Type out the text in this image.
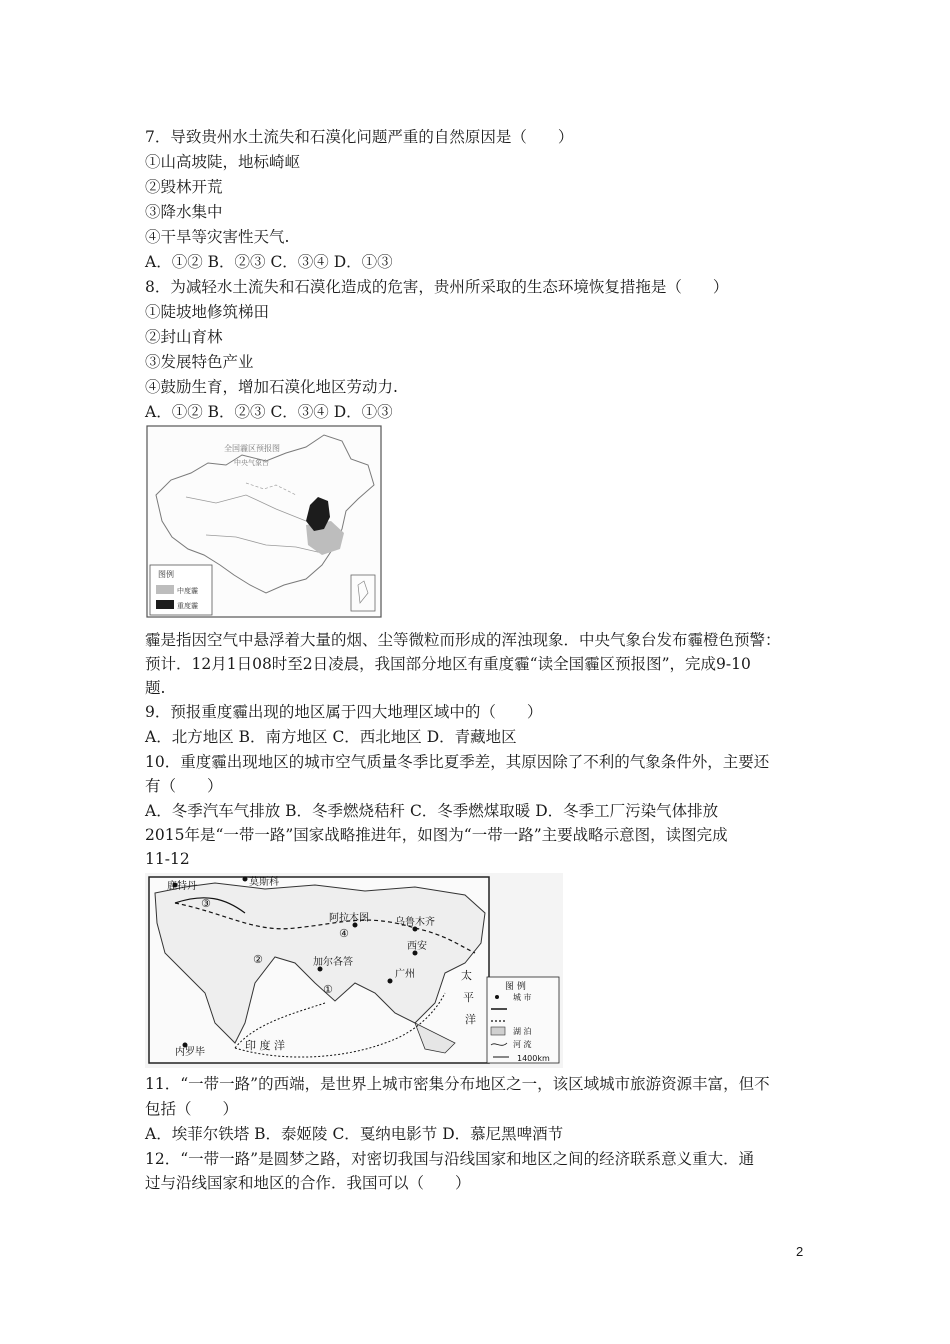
7．导致贵州水土流失和石漠化问题严重的自然原因是（　　）
①山高坡陡，地标崎岖
②毁林开荒
③降水集中
④干旱等灾害性天气.
A．①② B．②③ C．③④ D．①③
8．为减轻水土流失和石漠化造成的危害，贵州所采取的生态环境恢复措拖是（　　）
①陡坡地修筑梯田
②封山育林
③发展特色产业
④鼓励生育，增加石漠化地区劳动力.
A．①② B．②③ C．③④ D．①③
全国霾区预报图
中央气象台
图例
中度霾
重度霾
霾是指因空气中悬浮着大量的烟、尘等微粒而形成的浑浊现象．中央气象台发布霾橙色预警：
预计．12月1日08时至2日凌晨，我国部分地区有重度霾“读全国霾区预报图”，完成9-10
题.
9．预报重度霾出现的地区属于四大地理区域中的（　　）
A．北方地区 B．南方地区 C．西北地区 D．青藏地区
10．重度霾出现地区的城市空气质量冬季比夏季差，其原因除了不利的气象条件外，主要还
有（　　）
A．冬季汽车气排放 B．冬季燃烧秸秆 C．冬季燃煤取暖 D．冬季工厂污染气体排放
2015年是“一带一路”国家战略推进年，如图为“一带一路”主要战略示意图，读图完成
11-12
鹿特丹	莫斯科
阿拉木图	乌鲁木齐
西安
广州
加尔各答
内罗毕
①
②
③
④
印 度 洋
太
平
洋
图 例
城 市
湖 泊
河 流
1400km
11．“一带一路”的西端，是世界上城市密集分布地区之一，该区域城市旅游资源丰富，但不
包括（　　）
A．埃菲尔铁塔 B．泰姬陵 C．戛纳电影节 D．慕尼黑啤酒节
12．“一带一路”是圆梦之路，对密切我国与沿线国家和地区之间的经济联系意义重大．通
过与沿线国家和地区的合作．我国可以（　　）
2
